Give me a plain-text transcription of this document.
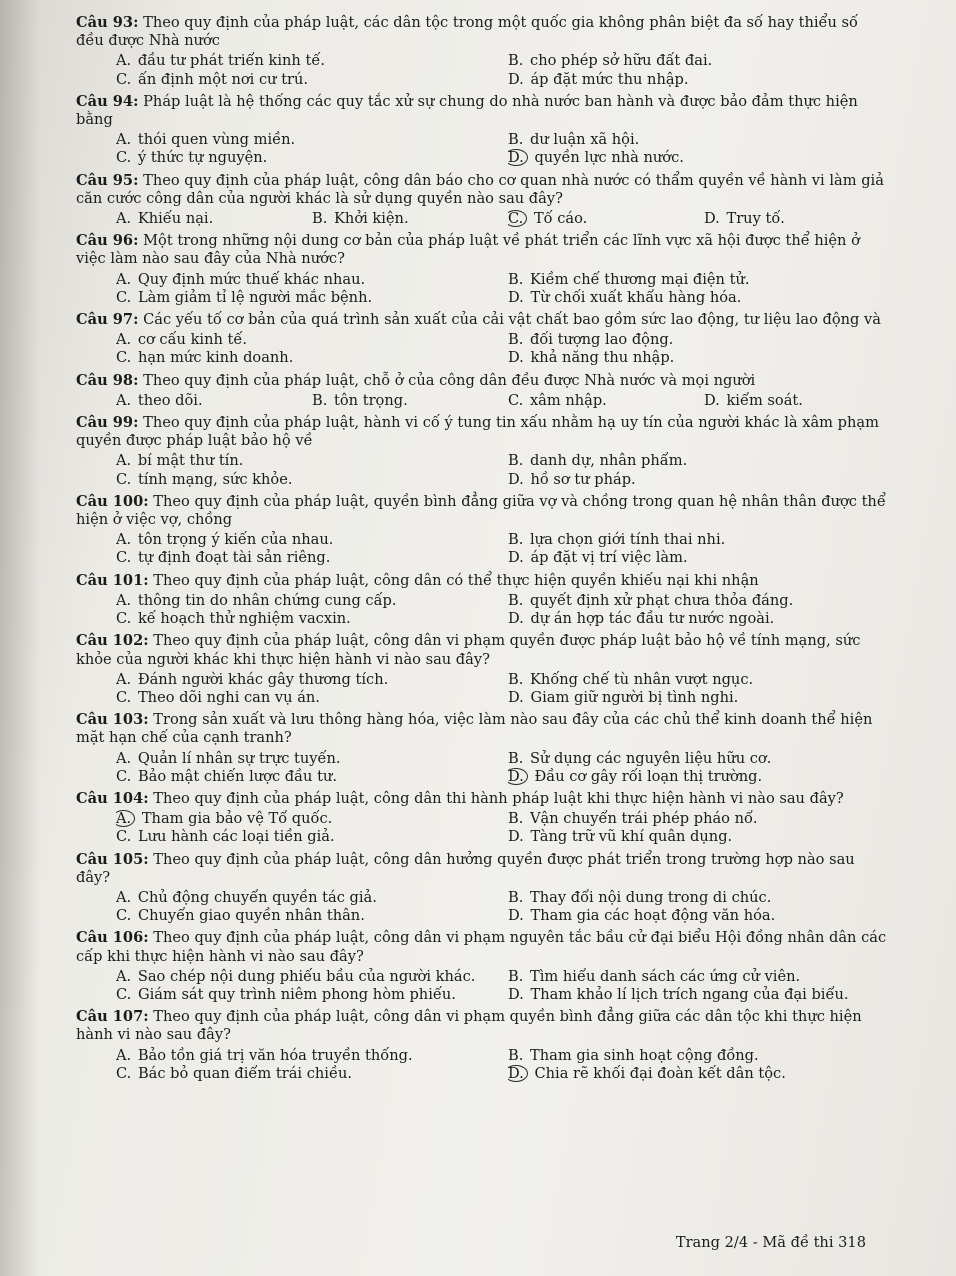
Câu 93: Theo quy định của pháp luật, các dân tộc trong một quốc gia không phân biệt đa số hay thiểu số đều được Nhà nước

A. đầu tư phát triển kinh tế.	B. cho phép sở hữu đất đai.
C. ấn định một nơi cư trú.	D. áp đặt mức thu nhập.

Câu 94: Pháp luật là hệ thống các quy tắc xử sự chung do nhà nước ban hành và được bảo đảm thực hiện bằng

A. thói quen vùng miền.	B. dư luận xã hội.
C. ý thức tự nguyện.	D. quyền lực nhà nước.

Câu 95: Theo quy định của pháp luật, công dân báo cho cơ quan nhà nước có thẩm quyền về hành vi làm giả căn cước công dân của người khác là sử dụng quyền nào sau đây?

A. Khiếu nại.	B. Khởi kiện.	C. Tố cáo.	D. Truy tố.

Câu 96: Một trong những nội dung cơ bản của pháp luật về phát triển các lĩnh vực xã hội được thể hiện ở việc làm nào sau đây của Nhà nước?

A. Quy định mức thuế khác nhau.	B. Kiềm chế thương mại điện tử.
C. Làm giảm tỉ lệ người mắc bệnh.	D. Từ chối xuất khẩu hàng hóa.

Câu 97: Các yếu tố cơ bản của quá trình sản xuất của cải vật chất bao gồm sức lao động, tư liệu lao động và

A. cơ cấu kinh tế.	B. đối tượng lao động.
C. hạn mức kinh doanh.	D. khả năng thu nhập.

Câu 98: Theo quy định của pháp luật, chỗ ở của công dân đều được Nhà nước và mọi người

A. theo dõi.	B. tôn trọng.	C. xâm nhập.	D. kiểm soát.

Câu 99: Theo quy định của pháp luật, hành vi cố ý tung tin xấu nhằm hạ uy tín của người khác là xâm phạm quyền được pháp luật bảo hộ về

A. bí mật thư tín.	B. danh dự, nhân phẩm.
C. tính mạng, sức khỏe.	D. hồ sơ tư pháp.

Câu 100: Theo quy định của pháp luật, quyền bình đẳng giữa vợ và chồng trong quan hệ nhân thân được thể hiện ở việc vợ, chồng

A. tôn trọng ý kiến của nhau.	B. lựa chọn giới tính thai nhi.
C. tự định đoạt tài sản riêng.	D. áp đặt vị trí việc làm.

Câu 101: Theo quy định của pháp luật, công dân có thể thực hiện quyền khiếu nại khi nhận

A. thông tin do nhân chứng cung cấp.	B. quyết định xử phạt chưa thỏa đáng.
C. kế hoạch thử nghiệm vacxin.	D. dự án hợp tác đầu tư nước ngoài.

Câu 102: Theo quy định của pháp luật, công dân vi phạm quyền được pháp luật bảo hộ về tính mạng, sức khỏe của người khác khi thực hiện hành vi nào sau đây?

A. Đánh người khác gây thương tích.	B. Khống chế tù nhân vượt ngục.
C. Theo dõi nghi can vụ án.	D. Giam giữ người bị tình nghi.

Câu 103: Trong sản xuất và lưu thông hàng hóa, việc làm nào sau đây của các chủ thể kinh doanh thể hiện mặt hạn chế của cạnh tranh?

A. Quản lí nhân sự trực tuyến.	B. Sử dụng các nguyên liệu hữu cơ.
C. Bảo mật chiến lược đầu tư.	D. Đầu cơ gây rối loạn thị trường.

Câu 104: Theo quy định của pháp luật, công dân thi hành pháp luật khi thực hiện hành vi nào sau đây?

A. Tham gia bảo vệ Tổ quốc.	B. Vận chuyển trái phép pháo nổ.
C. Lưu hành các loại tiền giả.	D. Tàng trữ vũ khí quân dụng.

Câu 105: Theo quy định của pháp luật, công dân hưởng quyền được phát triển trong trường hợp nào sau đây?

A. Chủ động chuyển quyền tác giả.	B. Thay đổi nội dung trong di chúc.
C. Chuyển giao quyền nhân thân.	D. Tham gia các hoạt động văn hóa.

Câu 106: Theo quy định của pháp luật, công dân vi phạm nguyên tắc bầu cử đại biểu Hội đồng nhân dân các cấp khi thực hiện hành vi nào sau đây?

A. Sao chép nội dung phiếu bầu của người khác.	B. Tìm hiểu danh sách các ứng cử viên.
C. Giám sát quy trình niêm phong hòm phiếu.	D. Tham khảo lí lịch trích ngang của đại biểu.

Câu 107: Theo quy định của pháp luật, công dân vi phạm quyền bình đẳng giữa các dân tộc khi thực hiện hành vi nào sau đây?

A. Bảo tồn giá trị văn hóa truyền thống.	B. Tham gia sinh hoạt cộng đồng.
C. Bác bỏ quan điểm trái chiều.	D. Chia rẽ khối đại đoàn kết dân tộc.
Trang 2/4 - Mã đề thi 318
